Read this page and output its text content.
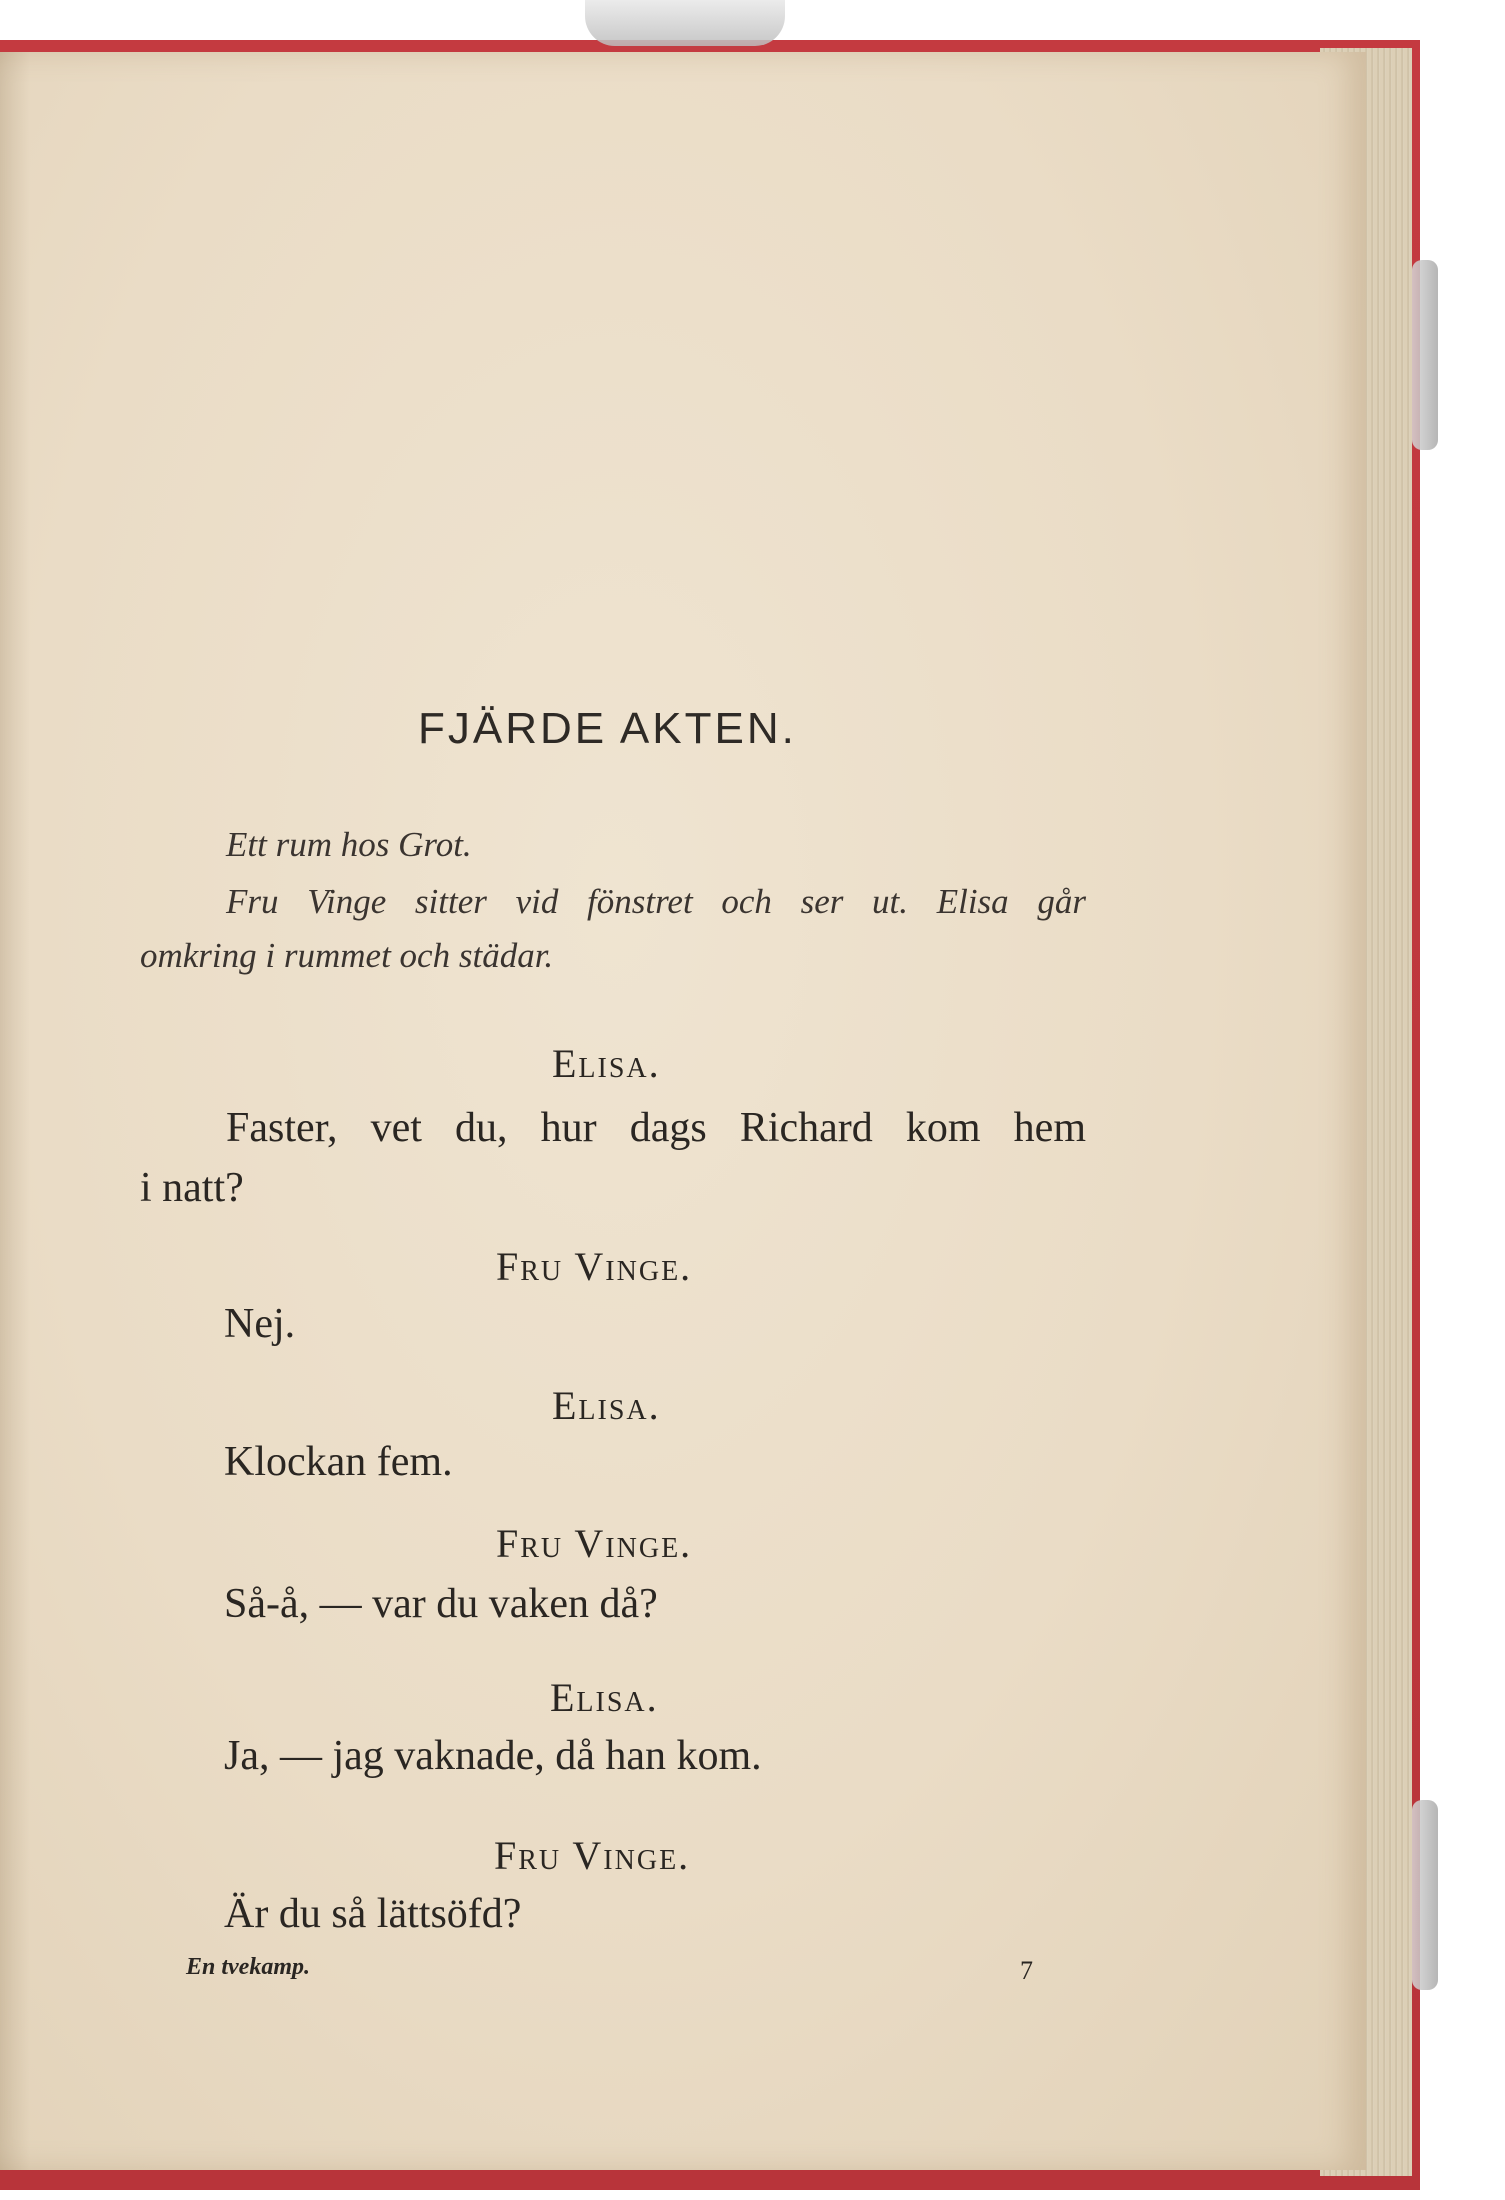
FJÄRDE AKTEN.

Ett rum hos Grot.

Fru Vinge sitter vid fönstret och ser ut. Elisa går

omkring i rummet och städar.

Elisa.

Faster, vet du, hur dags Richard kom hem

i natt?

Fru Vinge.

Nej.

Elisa.

Klockan fem.

Fru Vinge.

Så-å, — var du vaken då?

Elisa.

Ja, — jag vaknade, då han kom.

Fru Vinge.

Är du så lättsöfd?

En tvekamp.	7
